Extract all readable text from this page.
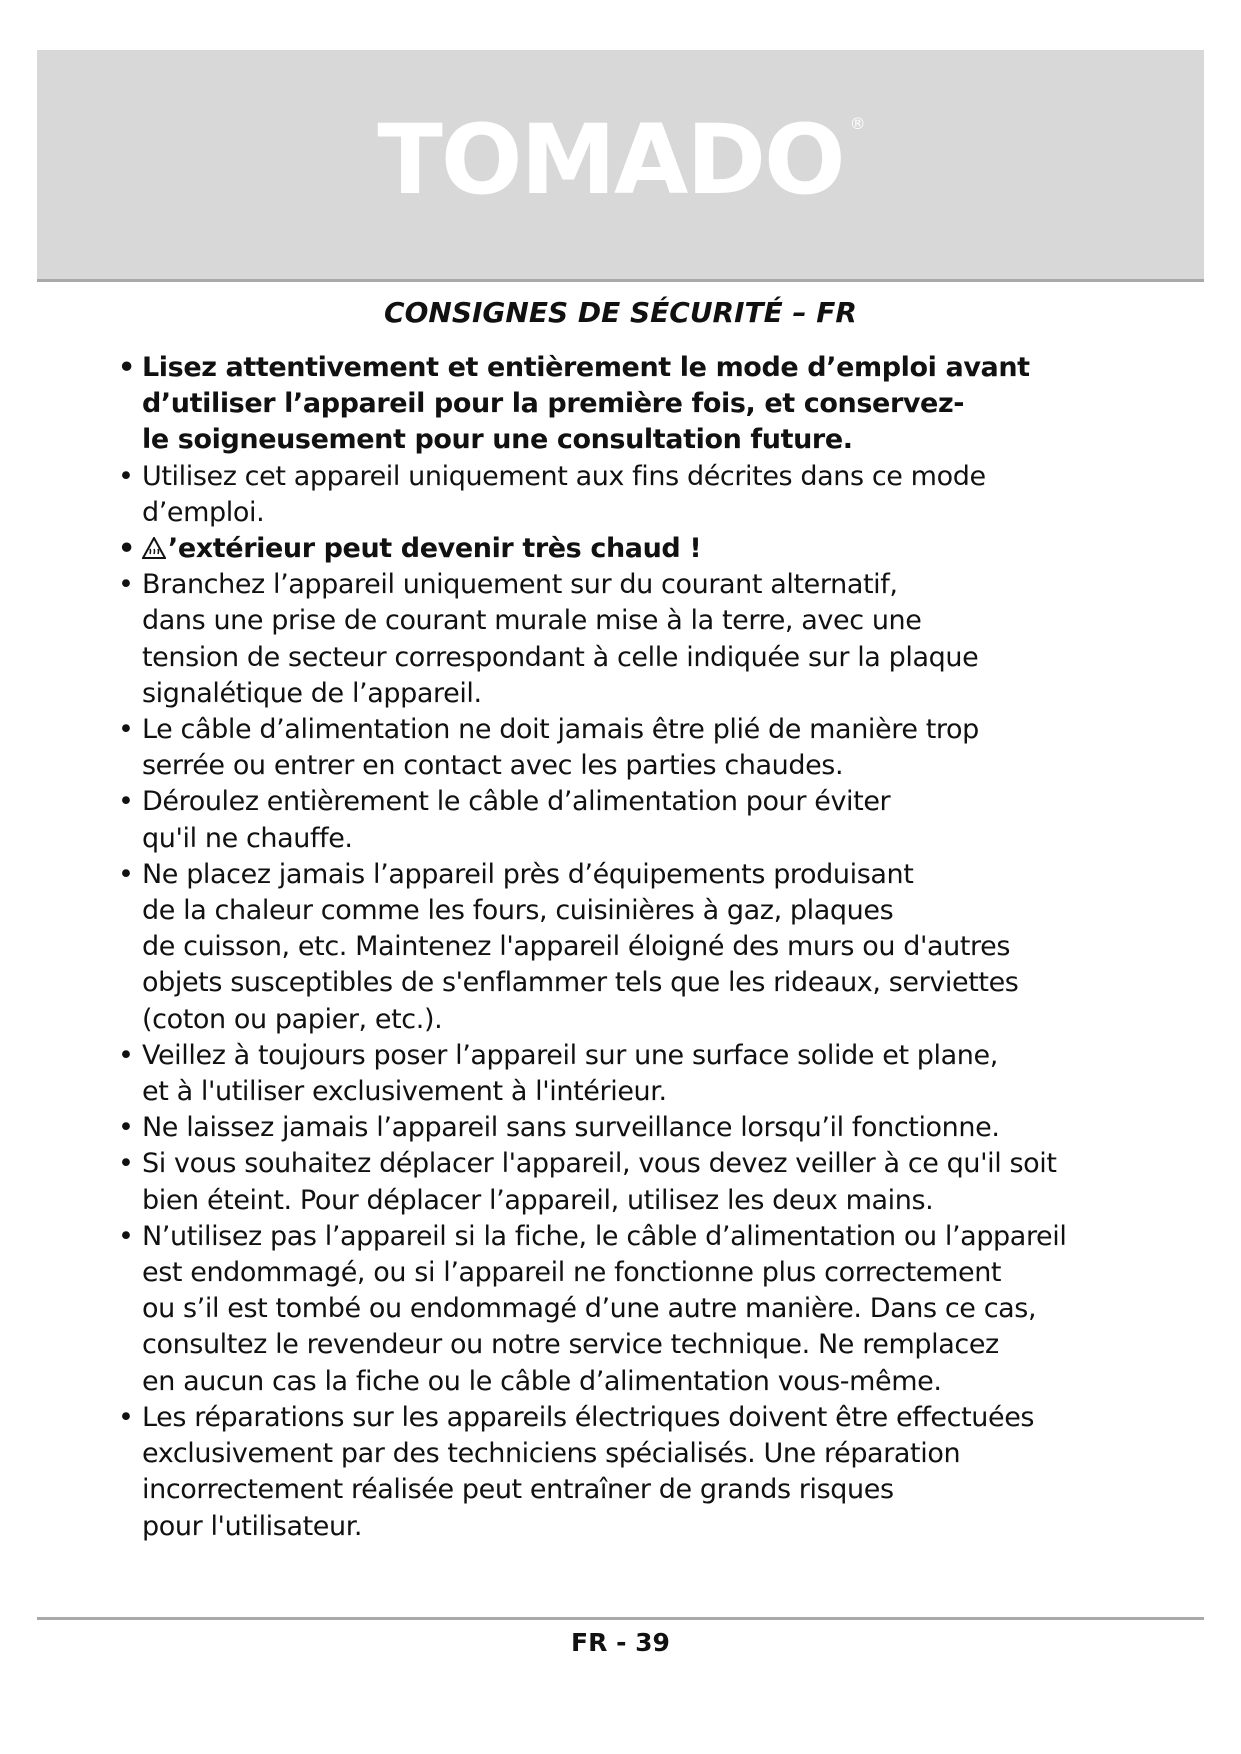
TOMADO ®
CONSIGNES DE SÉCURITÉ – FR
• Lisez attentivement et entièrement le mode d’emploi avant
d’utiliser l’appareil pour la première fois, et conservez-
le soigneusement pour une consultation future.
• Utilisez cet appareil uniquement aux fins décrites dans ce mode
d’emploi.
• ’extérieur peut devenir très chaud !
• Branchez l’appareil uniquement sur du courant alternatif,
dans une prise de courant murale mise à la terre, avec une
tension de secteur correspondant à celle indiquée sur la plaque
signalétique de l’appareil.
• Le câble d’alimentation ne doit jamais être plié de manière trop
serrée ou entrer en contact avec les parties chaudes.
• Déroulez entièrement le câble d’alimentation pour éviter
qu'il ne chauffe.
• Ne placez jamais l’appareil près d’équipements produisant
de la chaleur comme les fours, cuisinières à gaz, plaques
de cuisson, etc. Maintenez l'appareil éloigné des murs ou d'autres
objets susceptibles de s'enflammer tels que les rideaux, serviettes
(coton ou papier, etc.).
• Veillez à toujours poser l’appareil sur une surface solide et plane,
et à l'utiliser exclusivement à l'intérieur.
• Ne laissez jamais l’appareil sans surveillance lorsqu’il fonctionne.
• Si vous souhaitez déplacer l'appareil, vous devez veiller à ce qu'il soit
bien éteint. Pour déplacer l’appareil, utilisez les deux mains.
• N’utilisez pas l’appareil si la fiche, le câble d’alimentation ou l’appareil
est endommagé, ou si l’appareil ne fonctionne plus correctement
ou s’il est tombé ou endommagé d’une autre manière. Dans ce cas,
consultez le revendeur ou notre service technique. Ne remplacez
en aucun cas la fiche ou le câble d’alimentation vous-même.
• Les réparations sur les appareils électriques doivent être effectuées
exclusivement par des techniciens spécialisés. Une réparation
incorrectement réalisée peut entraîner de grands risques
pour l'utilisateur.
FR - 39
